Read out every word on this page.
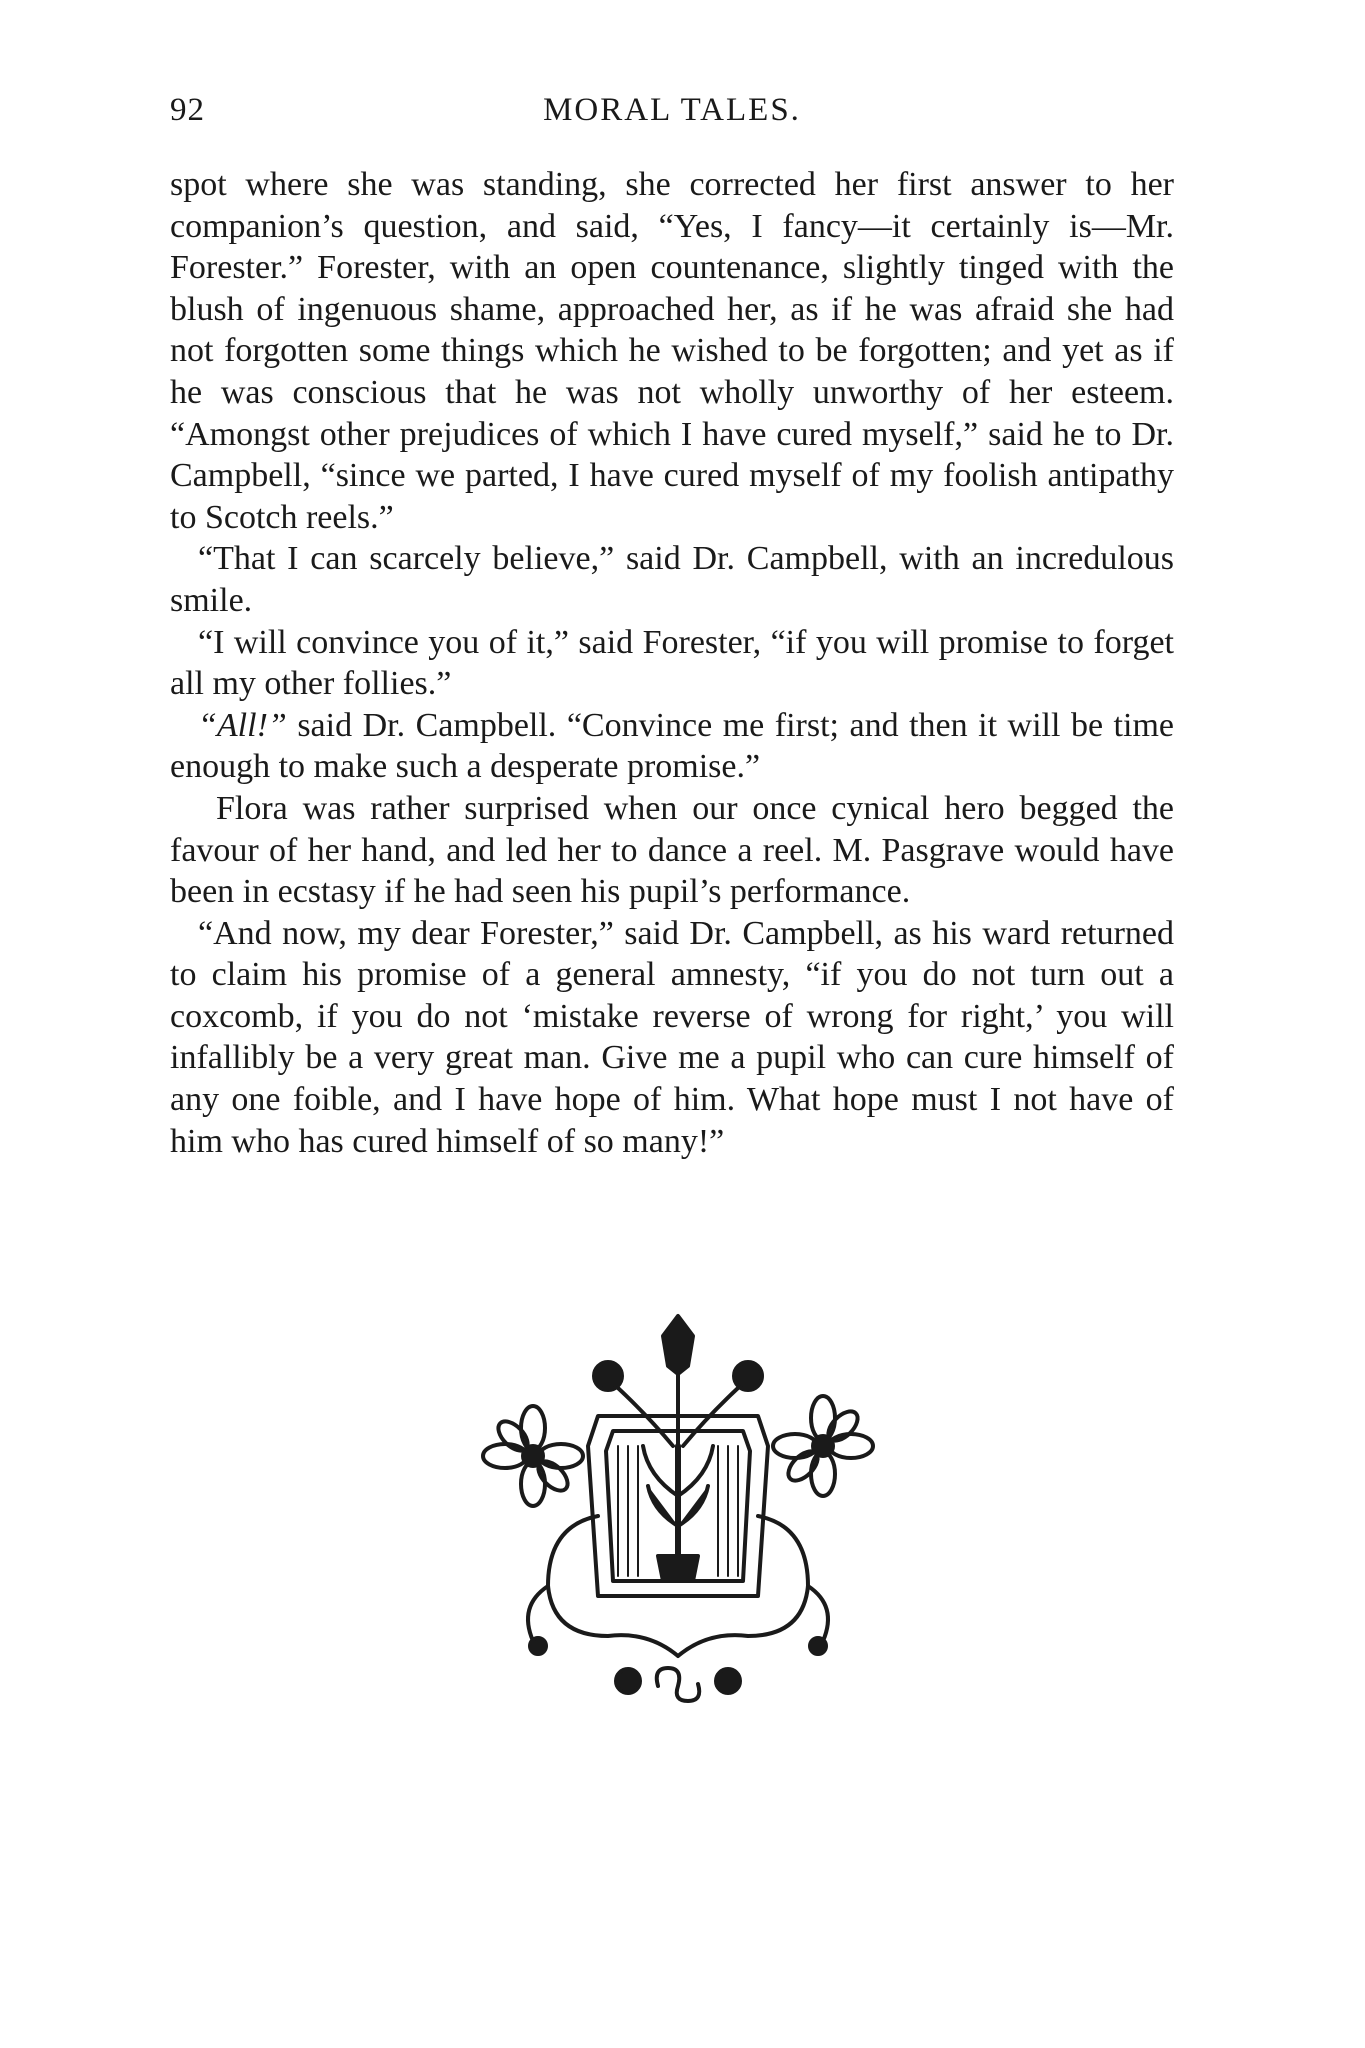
92	MORAL TALES.

spot where she was standing, she corrected her first answer to her companion’s question, and said, “Yes, I fancy—it certainly is—Mr. Forester.” Forester, with an open countenance, slightly tinged with the blush of ingenuous shame, approached her, as if he was afraid she had not forgotten some things which he wished to be forgotten; and yet as if he was conscious that he was not wholly unworthy of her esteem. “Amongst other prejudices of which I have cured myself,” said he to Dr. Campbell, “since we parted, I have cured myself of my foolish antipathy to Scotch reels.”

“That I can scarcely believe,” said Dr. Campbell, with an incredulous smile.

“I will convince you of it,” said Forester, “if you will promise to forget all my other follies.”

“All!” said Dr. Campbell. “Convince me first; and then it will be time enough to make such a desperate promise.”

Flora was rather surprised when our once cynical hero begged the favour of her hand, and led her to dance a reel. M. Pasgrave would have been in ecstasy if he had seen his pupil’s performance.

“And now, my dear Forester,” said Dr. Campbell, as his ward returned to claim his promise of a general amnesty, “if you do not turn out a coxcomb, if you do not ‘mistake reverse of wrong for right,’ you will infallibly be a very great man. Give me a pupil who can cure himself of any one foible, and I have hope of him. What hope must I not have of him who has cured himself of so many!”
